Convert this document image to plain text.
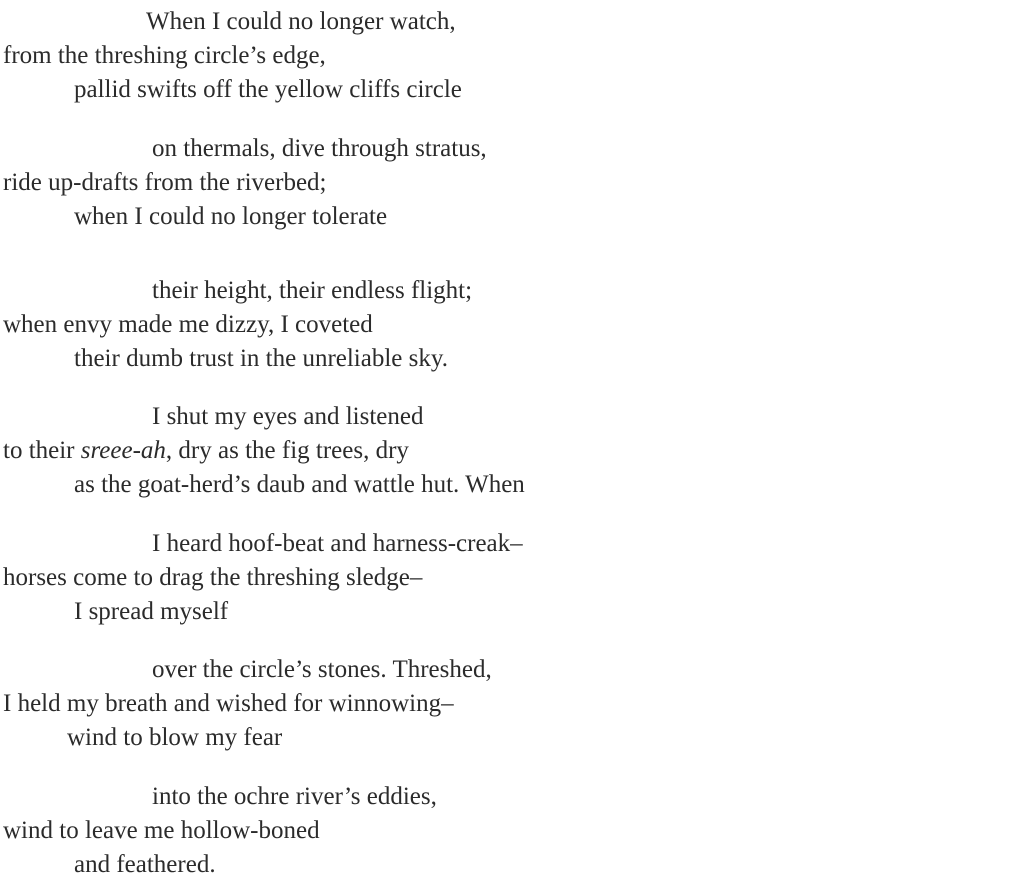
When I could no longer watch,

from the threshing circle’s edge,

pallid swifts off the yellow cliffs circle

on thermals, dive through stratus,

ride up-drafts from the riverbed;

when I could no longer tolerate

their height, their endless flight;

when envy made me dizzy, I coveted

their dumb trust in the unreliable sky.

I shut my eyes and listened

to their sreee-ah, dry as the fig trees, dry

as the goat-herd’s daub and wattle hut. When

I heard hoof-beat and harness-creak–

horses come to drag the threshing sledge–

I spread myself

over the circle’s stones. Threshed,

I held my breath and wished for winnowing–

wind to blow my fear

into the ochre river’s eddies,

wind to leave me hollow-boned

and feathered.
